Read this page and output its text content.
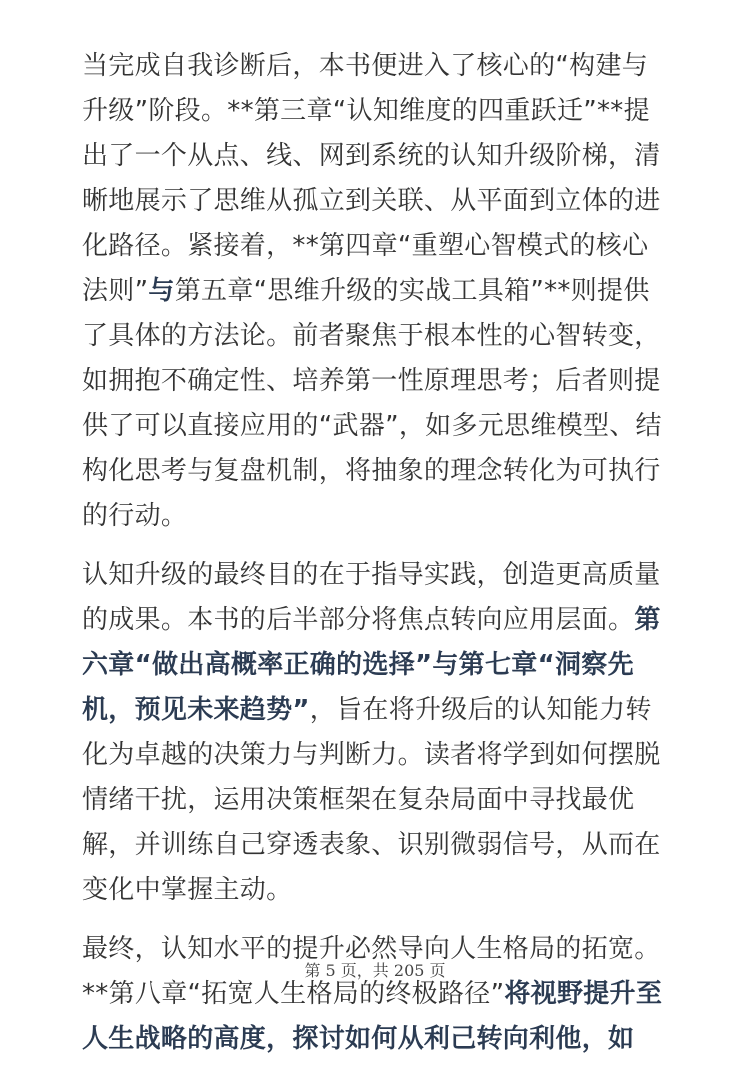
当完成自我诊断后，本书便进入了核心的“构建与升级”阶段。**第三章“认知维度的四重跃迁”**提出了一个从点、线、网到系统的认知升级阶梯，清晰地展示了思维从孤立到关联、从平面到立体的进化路径。紧接着，**第四章“重塑心智模式的核心法则”与第五章“思维升级的实战工具箱”**则提供了具体的方法论。前者聚焦于根本性的心智转变，如拥抱不确定性、培养第一性原理思考；后者则提供了可以直接应用的“武器”，如多元思维模型、结构化思考与复盘机制，将抽象的理念转化为可执行的行动。

认知升级的最终目的在于指导实践，创造更高质量的成果。本书的后半部分将焦点转向应用层面。第六章“做出高概率正确的选择”与第七章“洞察先机，预见未来趋势”，旨在将升级后的认知能力转化为卓越的决策力与判断力。读者将学到如何摆脱情绪干扰，运用决策框架在复杂局面中寻找最优解，并训练自己穿透表象、识别微弱信号，从而在变化中掌握主动。

最终，认知水平的提升必然导向人生格局的拓宽。**第八章“拓宽人生格局的终极路径”将视野提升至人生战略的高度，探讨如何从利己转向利他，如

第 5 页，共 205 页
